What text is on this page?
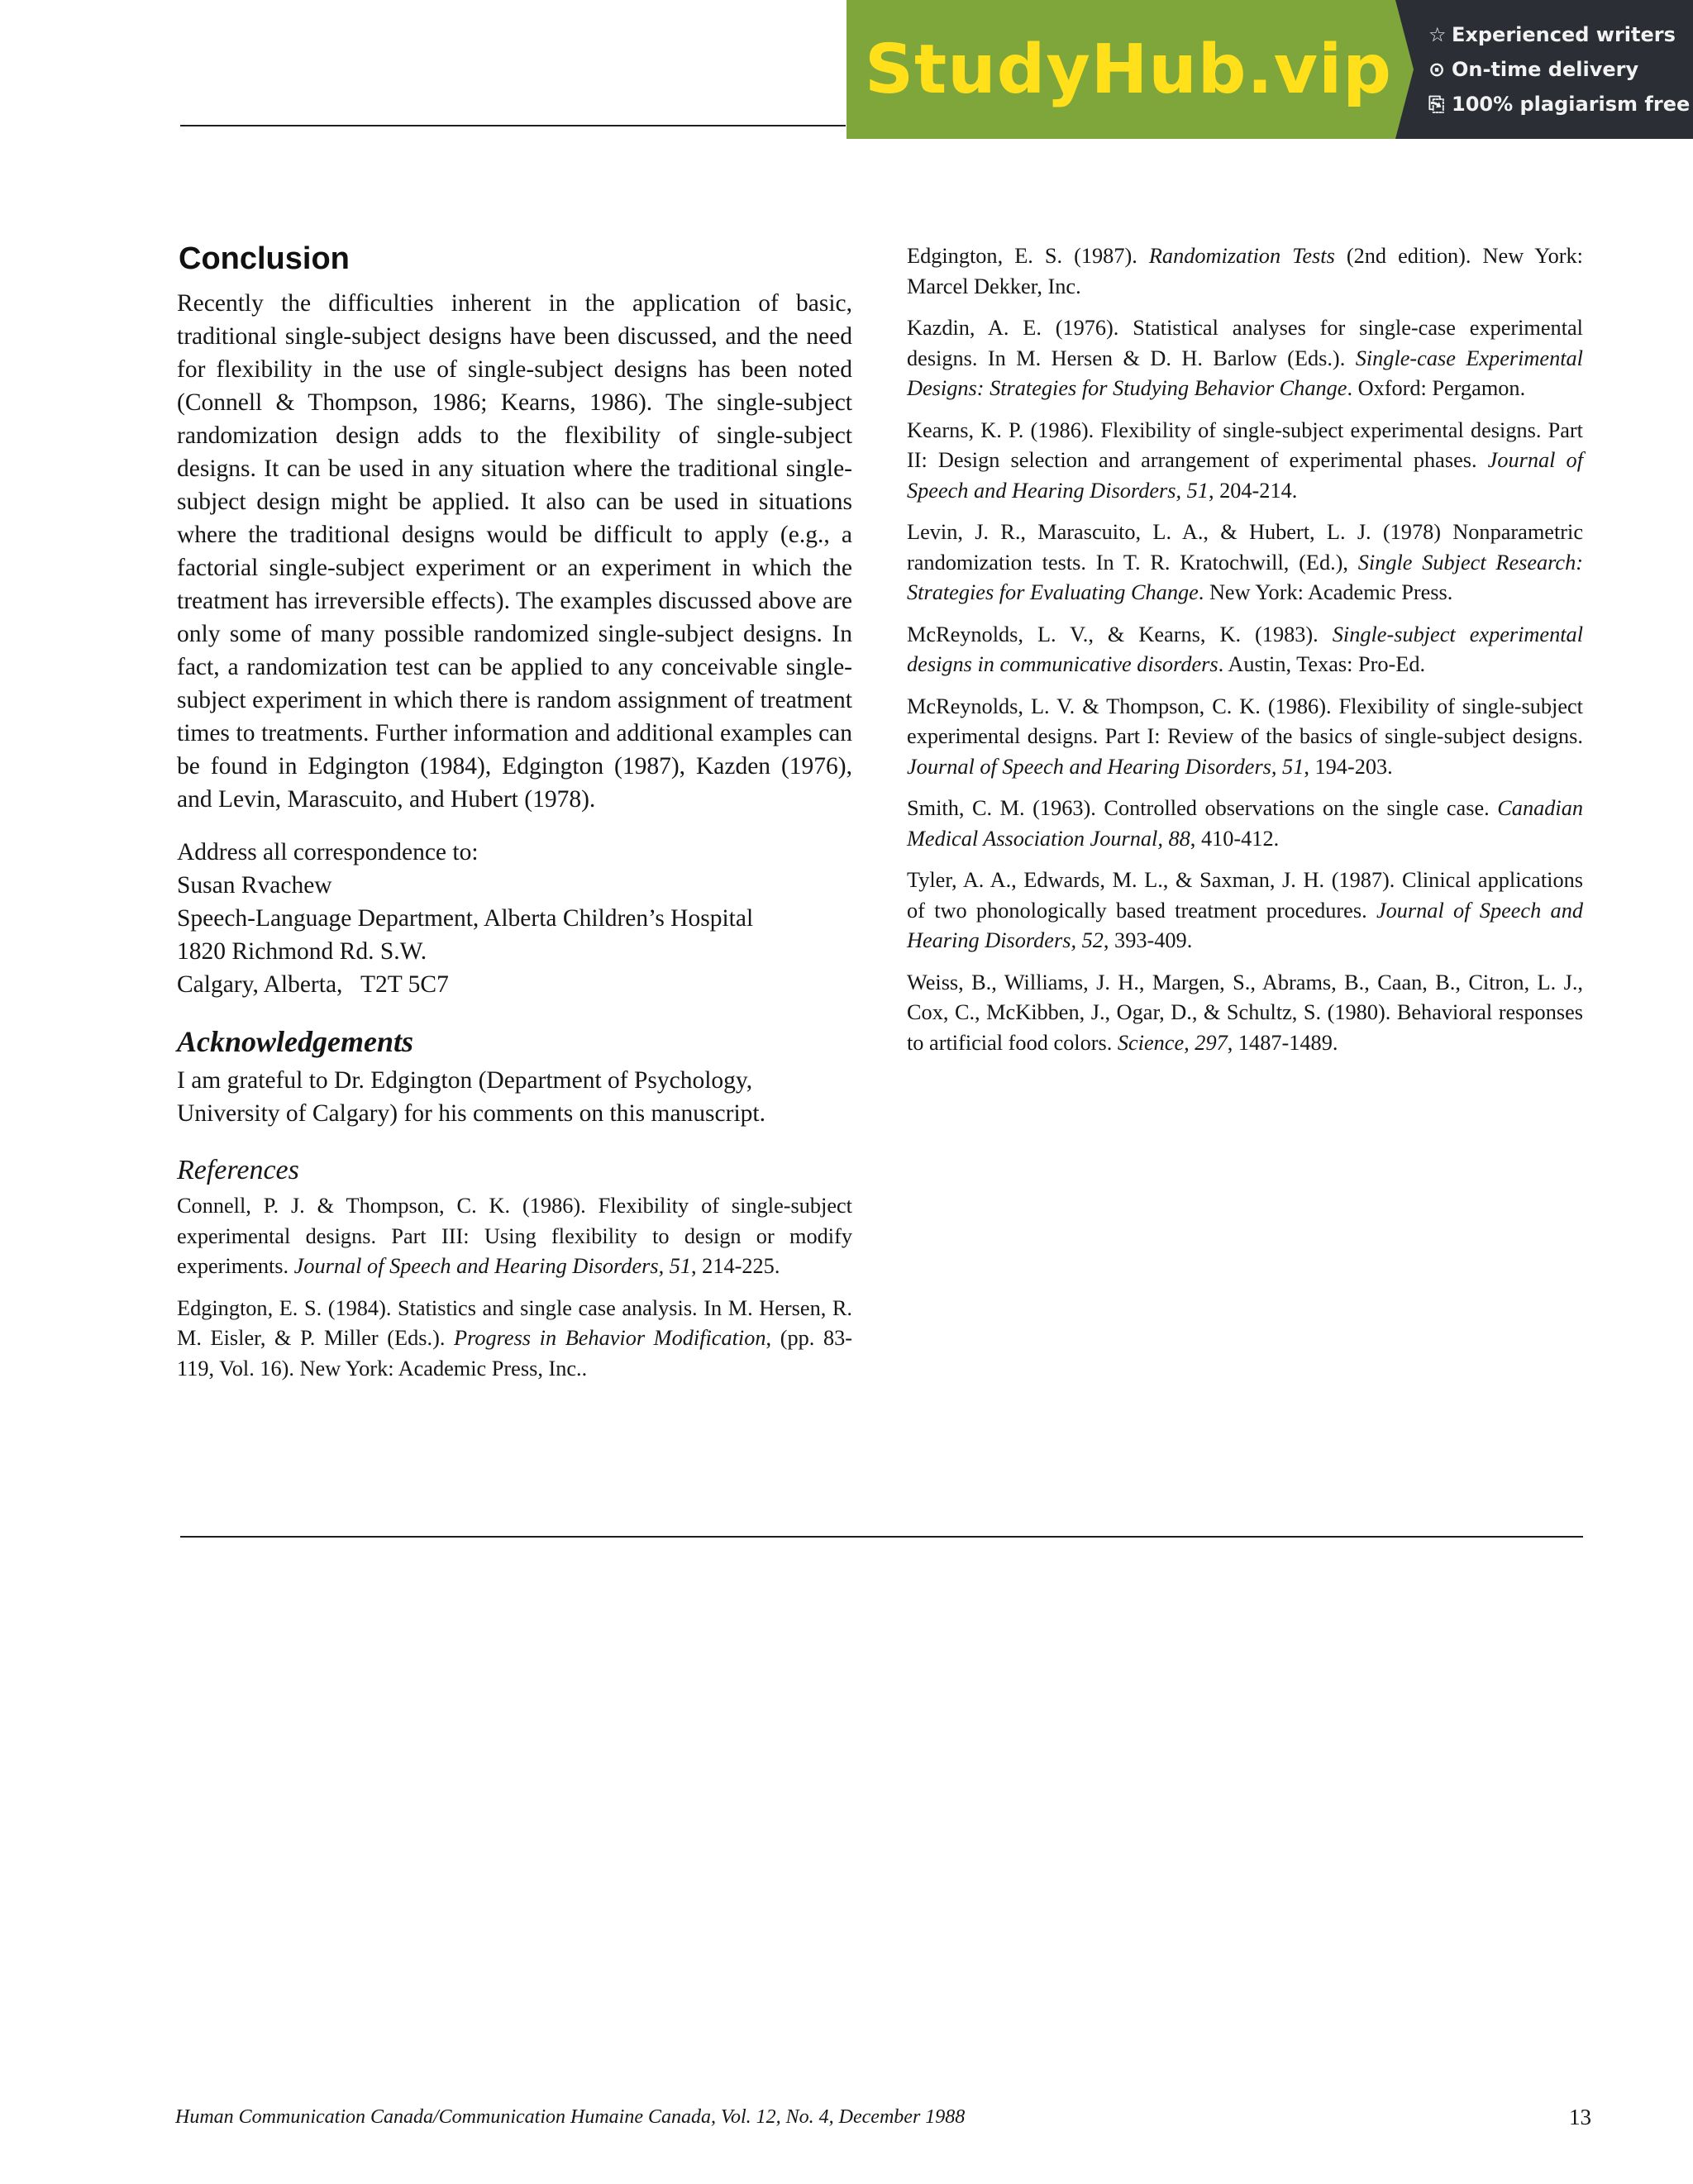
StudyHub.vip ☆ Experienced writers
⊙ On-time delivery
⎘ 100% plagiarism free
Conclusion

Recently the difficulties inherent in the application of basic, traditional single-subject designs have been discussed, and the need for flexibility in the use of single-subject designs has been noted (Connell & Thompson, 1986; Kearns, 1986). The single-subject randomization design adds to the flexibility of single-subject designs. It can be used in any situation where the traditional single-subject design might be applied. It also can be used in situations where the traditional designs would be difficult to apply (e.g., a factorial single-subject experiment or an experiment in which the treatment has irreversible effects). The examples discussed above are only some of many possible randomized single-subject designs. In fact, a randomization test can be applied to any conceivable single-subject experiment in which there is random assignment of treatment times to treatments. Further information and additional examples can be found in Edgington (1984), Edgington (1987), Kazden (1976), and Levin, Marascuito, and Hubert (1978).

Address all correspondence to:
Susan Rvachew
Speech-Language Department, Alberta Children’s Hospital
1820 Richmond Rd. S.W.
Calgary, Alberta,   T2T 5C7
Acknowledgements

I am grateful to Dr. Edgington (Department of Psychology, University of Calgary) for his comments on this manuscript.

References

Connell, P. J. & Thompson, C. K. (1986). Flexibility of single-subject experimental designs. Part III: Using flexibility to design or modify experiments. Journal of Speech and Hearing Disorders, 51, 214-225.

Edgington, E. S. (1984). Statistics and single case analysis. In M. Hersen, R. M. Eisler, & P. Miller (Eds.). Progress in Behavior Modification, (pp. 83-119, Vol. 16). New York: Academic Press, Inc..

Edgington, E. S. (1987). Randomization Tests (2nd edition). New York: Marcel Dekker, Inc.

Kazdin, A. E. (1976). Statistical analyses for single-case experimental designs. In M. Hersen & D. H. Barlow (Eds.). Single-case Experimental Designs: Strategies for Studying Behavior Change. Oxford: Pergamon.

Kearns, K. P. (1986). Flexibility of single-subject experimental designs. Part II: Design selection and arrangement of experimental phases. Journal of Speech and Hearing Disorders, 51, 204-214.

Levin, J. R., Marascuito, L. A., & Hubert, L. J. (1978) Nonparametric randomization tests. In T. R. Kratochwill, (Ed.), Single Subject Research: Strategies for Evaluating Change. New York: Academic Press.

McReynolds, L. V., & Kearns, K. (1983). Single-subject experimental designs in communicative disorders. Austin, Texas: Pro-Ed.

McReynolds, L. V. & Thompson, C. K. (1986). Flexibility of single-subject experimental designs. Part I: Review of the basics of single-subject designs. Journal of Speech and Hearing Disorders, 51, 194-203.

Smith, C. M. (1963). Controlled observations on the single case. Canadian Medical Association Journal, 88, 410-412.

Tyler, A. A., Edwards, M. L., & Saxman, J. H. (1987). Clinical applications of two phonologically based treatment procedures. Journal of Speech and Hearing Disorders, 52, 393-409.

Weiss, B., Williams, J. H., Margen, S., Abrams, B., Caan, B., Citron, L. J., Cox, C., McKibben, J., Ogar, D., & Schultz, S. (1980). Behavioral responses to artificial food colors. Science, 297, 1487-1489.

Human Communication Canada/Communication Humaine Canada, Vol. 12, No. 4, December 1988	13
